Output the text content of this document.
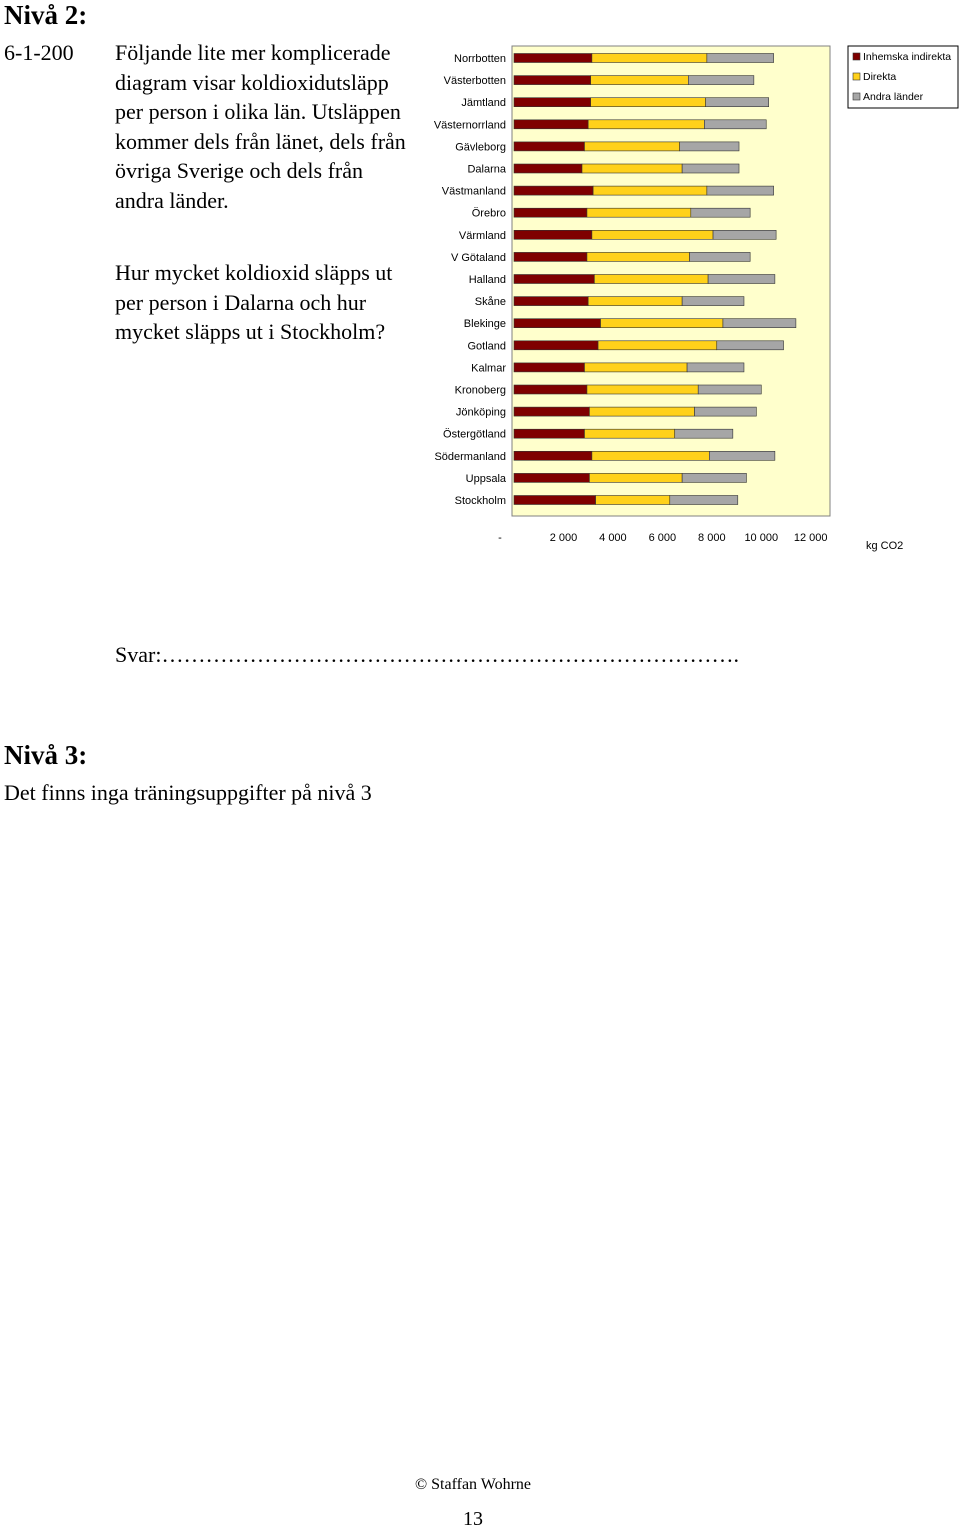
Nivå 2:
6-1-200 Följande lite mer komplicerade diagram visar koldioxidutsläpp per person i olika län. Utsläppen kommer dels från länet, dels från övriga Sverige och dels från andra länder.
Hur mycket koldioxid släpps ut per person i Dalarna och hur mycket släpps ut i Stockholm?
Norrbotten
Västerbotten
Jämtland
Västernorrland
Gävleborg
Dalarna
Västmanland
Örebro
Värmland
V Götaland
Halland
Skåne
Blekinge
Gotland
Kalmar
Kronoberg
Jönköping
Östergötland
Södermanland
Uppsala
Stockholm
-	2 000 4 000 6 000 8 000 10 000 12 000
kg CO2
Inhemska indirekta
Direkta
Andra länder
Svar:…………………………………………………………………….
Nivå 3:
Det finns inga träningsuppgifter på nivå 3
© Staffan Wohrne
13
